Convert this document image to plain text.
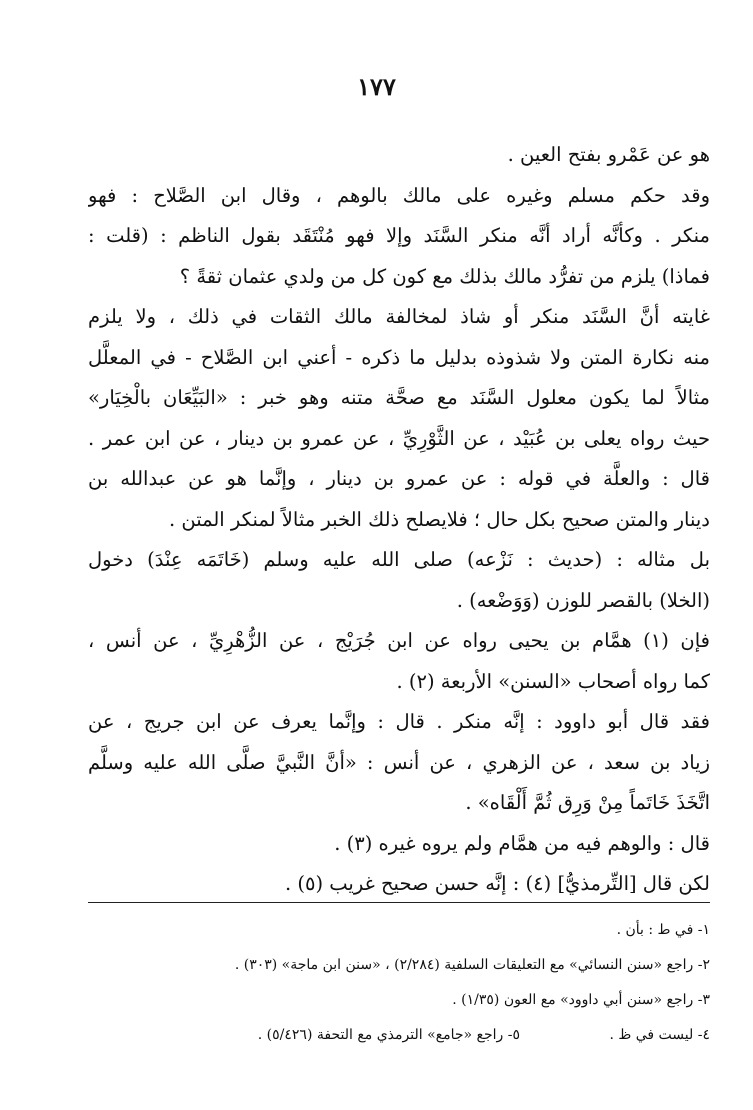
١٧٧
هو عن عَمْرو بفتح العين .
وقد حكم مسلم وغيره على مالك بالوهم ، وقال ابن الصَّلاح : فهو
منكر . وكأنَّه أراد أنَّه منكر السَّنَد وإلا فهو مُنْتَقَد بقول الناظم : (قلت :
فماذا) يلزم من تفرُّد مالك بذلك مع كون كل من ولدي عثمان ثقةً ؟
غايته أنَّ السَّنَد منكر أو شاذ لمخالفة مالك الثقات في ذلك ، ولا يلزم
منه نكارة المتن ولا شذوذه بدليل ما ذكره - أعني ابن الصَّلاح - في المعلَّل
مثالاً لما يكون معلول السَّنَد مع صحَّة متنه وهو خبر : «البَيِّعَان بالْخِيَار»
حيث رواه يعلى بن عُبَيْد ، عن الثَّوْرِيِّ ، عن عمرو بن دينار ، عن ابن عمر .
قال : والعلَّة في قوله : عن عمرو بن دينار ، وإنَّما هو عن عبدالله بن
دينار والمتن صحيح بكل حال ؛ فلايصلح ذلك الخبر مثالاً لمنكر المتن .
بل مثاله : (حديث : نَزْعه) صلى الله عليه وسلم (خَاتَمَه عِنْدَ) دخول
(الخلا) بالقصر للوزن (وَوَضْعه) .
فإن (١) همَّام بن يحيى رواه عن ابن جُرَيْج ، عن الزُّهْرِيِّ ، عن أنس ،
كما رواه أصحاب «السنن» الأربعة (٢) .
فقد قال أبو داوود : إنَّه منكر . قال : وإنَّما يعرف عن ابن جريج ، عن
زياد بن سعد ، عن الزهري ، عن أنس : «أنَّ النَّبيَّ صلَّى الله عليه وسلَّم
اتَّخَذَ خَاتَماً مِنْ وَرِق ثُمَّ أَلْقَاه» .
قال : والوهم فيه من همَّام ولم يروه غيره (٣) .
لكن قال [التِّرمذيُّ] (٤) : إنَّه حسن صحيح غريب (٥) .
١- في ط : بأن .
٢- راجع «سنن النسائي» مع التعليقات السلفية (٢/٢٨٤) ، «سنن ابن ماجة» (٣٠٣) .
٣- راجع «سنن أبي داوود» مع العون (١/٣٥) .
٤- ليست في ظ .
٥- راجع «جامع» الترمذي مع التحفة (٥/٤٢٦) .
